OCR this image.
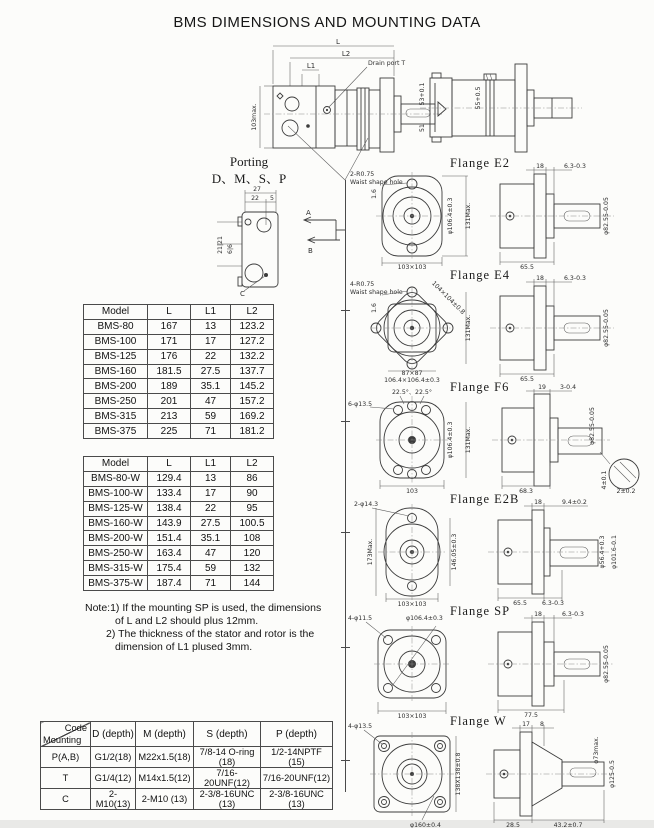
BMS DIMENSIONS AND MOUNTING DATA
L
L2
L1	Drain port T
103max.
53+0.1
51
55+0.5
Porting
D、M、S、P
27
22 5
21|21 6|6
C
A
B
Model	L	L1	L2
BMS-80	167	13	123.2
BMS-100	171	17	127.2
BMS-125	176	22	132.2
BMS-160	181.5	27.5	137.7
BMS-200	189	35.1	145.2
BMS-250	201	47	157.2
BMS-315	213	59	169.2
BMS-375	225	71	181.2
Model	L	L1	L2
BMS-80-W	129.4	13	86
BMS-100-W	133.4	17	90
BMS-125-W	138.4	22	95
BMS-160-W	143.9	27.5	100.5
BMS-200-W	151.4	35.1	108
BMS-250-W	163.4	47	120
BMS-315-W	175.4	59	132
BMS-375-W	187.4	71	144
Note:1) If the mounting SP is used, the dimensions
of L and L2 should plus 12mm.
2) The thickness of the stator and rotor is the
dimension of L1 plused 3mm.
Code
Mounting	D (depth)	M (depth)	S (depth)	P (depth)
P(A,B)	G1/2(18)	M22x1.5(18)	7/8-14 O-ring (18)	1/2-14NPTF (15)
T	G1/4(12)	M14x1.5(12)	7/16-20UNF(12)	7/16-20UNF(12)
C	2-M10(13)	2-M10 (13)	2-3/8-16UNC (13)	2-3/8-16UNC (13)
Flange E2
2-R0.75
Waist shape hole
1.6
φ106.4±0.3 131Max.
103×103
18	6.3-0.3
φ82.55-0.05
65.5
Flange E4
4-R0.75
Waist shape hole	104×104±0.8
1.6
131Max.
87×87
106.4×106.4±0.3
18	6.3-0.3
φ82.55-0.05
65.5
Flange F6
22.5°、22.5°
6-φ13.5
φ106.4±0.3 131Max.
103
19 3-0.4
φ82.55-0.05
68.3
4±0.1
2±0.2
Flange E2B
2-φ14.3
173Max.	146.05±0.3
103×103
18	9.4±0.2
φ56.4+0.3 φ101.6-0.1
65.5 6.3-0.3
Flange SP
4-φ11.5	φ106.4±0.3
103×103
18	6.3-0.3
φ82.55-0.05
77.5
Flange W
4-φ13.5
138X138±0.8
φ160±0.4
17 8
φ73max.
φ125-0.5
28.5	43.2±0.7
